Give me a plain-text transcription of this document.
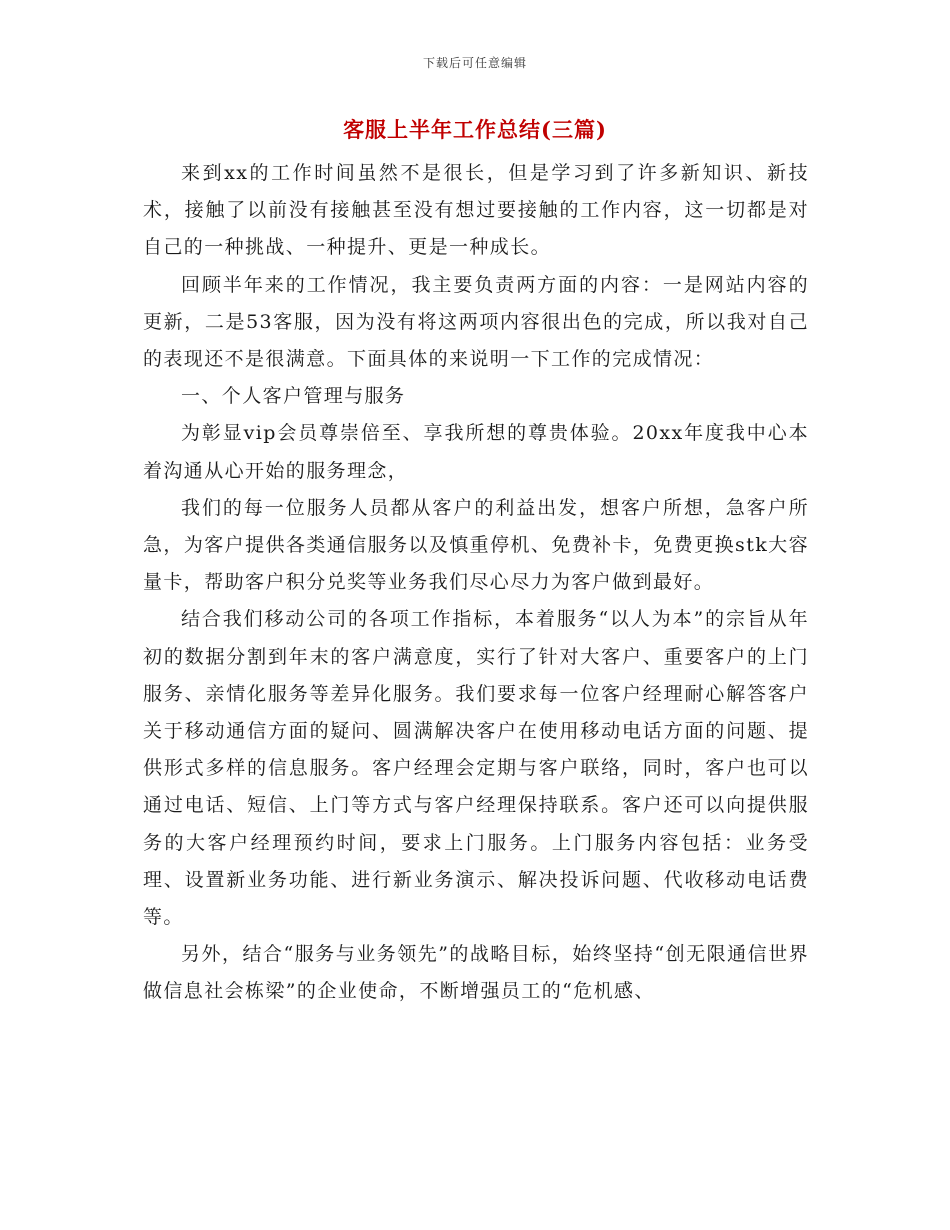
下载后可任意编辑
客服上半年工作总结(三篇)

来到xx的工作时间虽然不是很长，但是学习到了许多新知识、新技术，接触了以前没有接触甚至没有想过要接触的工作内容，这一切都是对自己的一种挑战、一种提升、更是一种成长。

回顾半年来的工作情况，我主要负责两方面的内容：一是网站内容的更新，二是53客服，因为没有将这两项内容很出色的完成，所以我对自己的表现还不是很满意。下面具体的来说明一下工作的完成情况：

一、个人客户管理与服务

为彰显vip会员尊崇倍至、享我所想的尊贵体验。20xx年度我中心本着沟通从心开始的服务理念，

我们的每一位服务人员都从客户的利益出发，想客户所想，急客户所急，为客户提供各类通信服务以及慎重停机、免费补卡，免费更换stk大容量卡，帮助客户积分兑奖等业务我们尽心尽力为客户做到最好。

结合我们移动公司的各项工作指标，本着服务“以人为本”的宗旨从年初的数据分割到年末的客户满意度，实行了针对大客户、重要客户的上门服务、亲情化服务等差异化服务。我们要求每一位客户经理耐心解答客户关于移动通信方面的疑问、圆满解决客户在使用移动电话方面的问题、提供形式多样的信息服务。客户经理会定期与客户联络，同时，客户也可以通过电话、短信、上门等方式与客户经理保持联系。客户还可以向提供服务的大客户经理预约时间，要求上门服务。上门服务内容包括：业务受理、设置新业务功能、进行新业务演示、解决投诉问题、代收移动电话费等。

另外，结合“服务与业务领先”的战略目标，始终坚持“创无限通信世界做信息社会栋梁”的企业使命，不断增强员工的“危机感、
